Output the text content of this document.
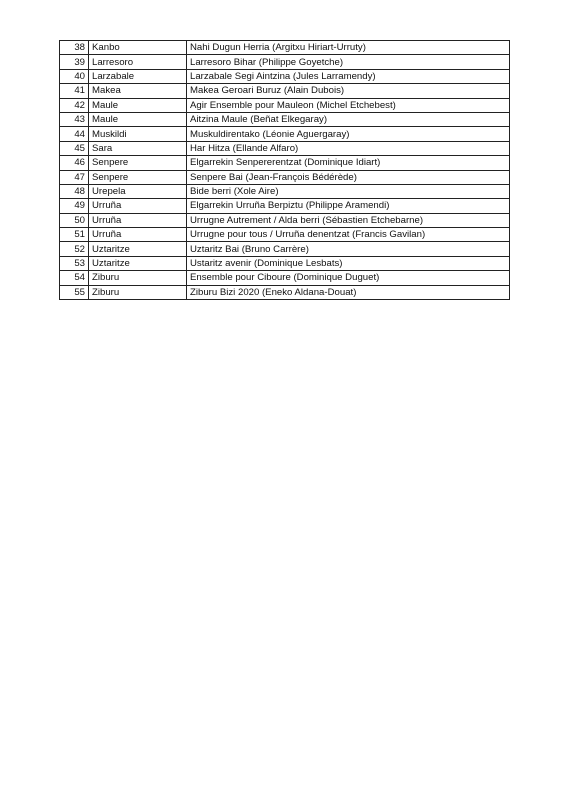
38	Kanbo	Nahi Dugun Herria (Argitxu Hiriart-Urruty)
39	Larresoro	Larresoro Bihar (Philippe Goyetche)
40	Larzabale	Larzabale Segi Aintzina (Jules Larramendy)
41	Makea	Makea Geroari Buruz (Alain Dubois)
42	Maule	Agir Ensemble pour Mauleon (Michel Etchebest)
43	Maule	Aitzina Maule (Beñat Elkegaray)
44	Muskildi	Muskuldirentako (Léonie Aguergaray)
45	Sara	Har Hitza (Ellande Alfaro)
46	Senpere	Elgarrekin Senpererentzat (Dominique Idiart)
47	Senpere	Senpere Bai (Jean-François Bédérède)
48	Urepela	Bide berri (Xole Aire)
49	Urruña	Elgarrekin Urruña Berpiztu (Philippe Aramendi)
50	Urruña	Urrugne Autrement / Alda berri (Sébastien Etchebarne)
51	Urruña	Urrugne pour tous / Urruña denentzat (Francis Gavilan)
52	Uztaritze	Uztaritz Bai (Bruno Carrère)
53	Uztaritze	Ustaritz avenir (Dominique Lesbats)
54	Ziburu	Ensemble pour Ciboure (Dominique Duguet)
55	Ziburu	Ziburu Bizi 2020 (Eneko Aldana-Douat)
